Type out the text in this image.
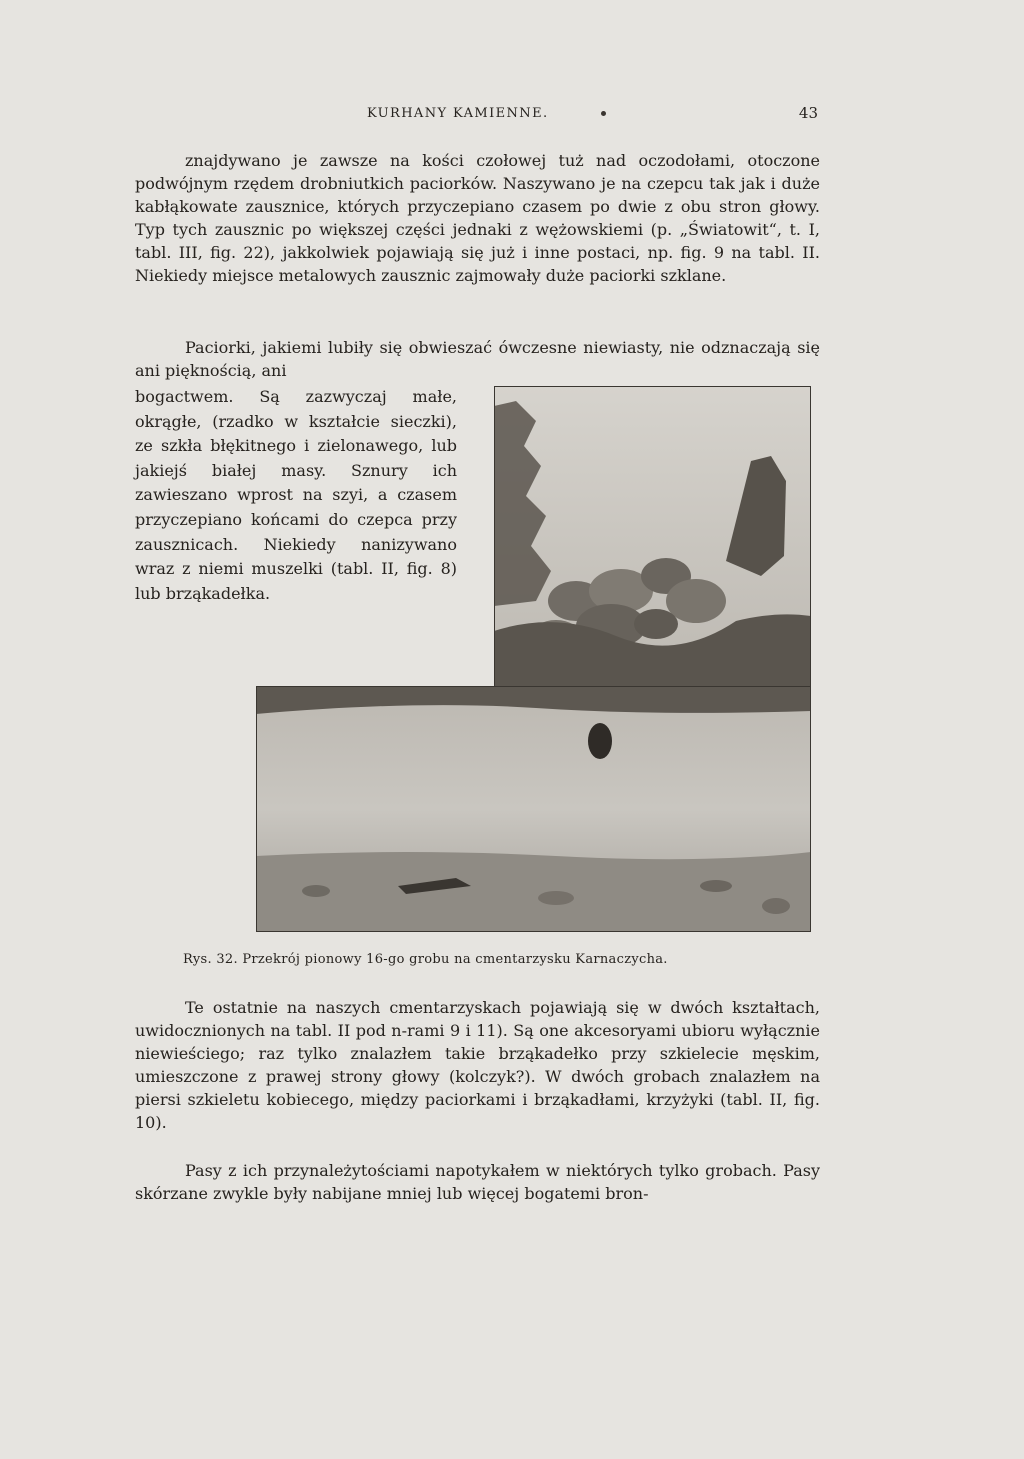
KURHANY KAMIENNE.	43

znajdywano je zawsze na kości czołowej tuż nad oczodołami, otoczone podwójnym rzędem drobniutkich paciorków. Naszywano je na czepcu tak jak i duże kabłąkowate zausznice, których przyczepiano czasem po dwie z obu stron głowy. Typ tych zausznic po większej części jednaki z wężowskiemi (p. „Światowit“, t. I, tabl. III, fig. 22), jakkolwiek pojawiają się już i inne postaci, np. fig. 9 na tabl. II. Niekiedy miejsce metalowych zausznic zajmowały duże paciorki szklane.

Paciorki, jakiemi lubiły się obwieszać ówczesne niewiasty, nie odznaczają się ani pięknością, ani

bogactwem. Są zazwyczaj małe, okrągłe, (rzadko w kształcie sieczki), ze szkła błękitnego i zielonawego, lub jakiejś białej masy. Sznury ich zawieszano wprost na szyi, a czasem przyczepiano końcami do czepca przy zausznicach. Niekiedy nanizywano wraz z niemi muszelki (tabl. II, fig. 8) lub brząkadełka.

Rys. 32. Przekrój pionowy 16-go grobu na cmentarzysku Karnaczycha.

Te ostatnie na naszych cmentarzyskach pojawiają się w dwóch kształtach, uwidocznionych na tabl. II pod n-rami 9 i 11). Są one akcesoryami ubioru wyłącznie niewieściego; raz tylko znalazłem takie brząkadełko przy szkielecie męskim, umieszczone z prawej strony głowy (kolczyk?). W dwóch grobach znalazłem na piersi szkieletu kobiecego, między paciorkami i brząkadłami, krzyżyki (tabl. II, fig. 10).

Pasy z ich przynależytościami napotykałem w niektórych tylko grobach. Pasy skórzane zwykle były nabijane mniej lub więcej bogatemi bron-
